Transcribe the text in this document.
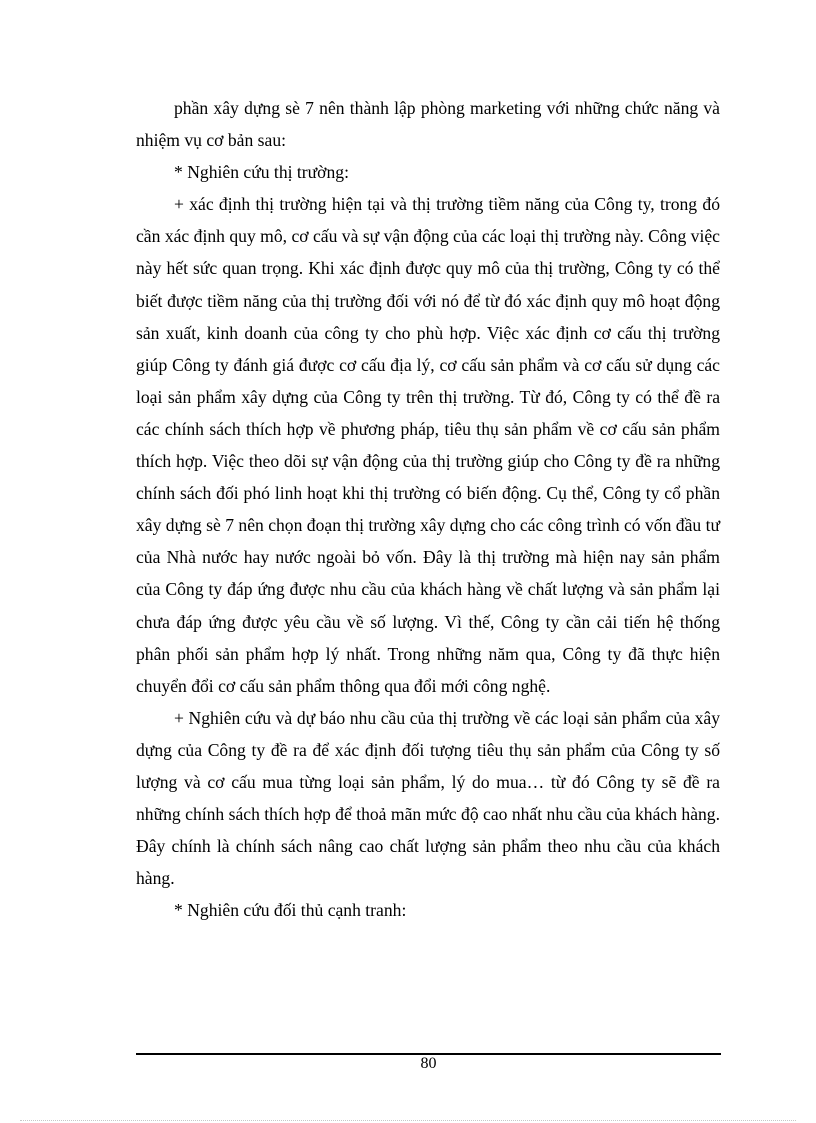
phần xây dựng sè 7 nên thành lập phòng marketing với những chức năng và nhiệm vụ cơ bản sau:

* Nghiên cứu thị trường:

+ xác định thị trường hiện tại và thị trường tiềm năng của Công ty, trong đó cần xác định quy mô, cơ cấu và sự vận động của các loại thị trường này. Công việc này hết sức quan trọng. Khi xác định được quy mô của thị trường, Công ty có thể biết được tiềm năng của thị trường đối với nó để từ đó xác định quy mô hoạt động sản xuất, kinh doanh của công ty cho phù hợp. Việc xác định cơ cấu thị trường giúp Công ty đánh giá được cơ cấu địa lý, cơ cấu sản phẩm và cơ cấu sử dụng các loại sản phẩm xây dựng của Công ty trên thị trường. Từ đó, Công ty có thể đề ra các chính sách thích hợp về phương pháp, tiêu thụ sản phẩm về cơ cấu sản phẩm thích hợp. Việc theo dõi sự vận động của thị trường giúp cho Công ty đề ra những chính sách đối phó linh hoạt khi thị trường có biến động. Cụ thể, Công ty cổ phần xây dựng sè 7 nên chọn đoạn thị trường xây dựng cho các công trình có vốn đầu tư của Nhà nước hay nước ngoài bỏ vốn. Đây là thị trường mà hiện nay sản phẩm của Công ty đáp ứng được nhu cầu của khách hàng về chất lượng và sản phẩm lại chưa đáp ứng được yêu cầu về số lượng. Vì thế, Công ty cần cải tiến hệ thống phân phối sản phẩm hợp lý nhất. Trong những năm qua, Công ty đã thực hiện chuyển đổi cơ cấu sản phẩm thông qua đổi mới công nghệ.

+ Nghiên cứu và dự báo nhu cầu của thị trường về các loại sản phẩm của xây dựng của Công ty đề ra để xác định đối tượng tiêu thụ sản phẩm của Công ty số lượng và cơ cấu mua từng loại sản phẩm, lý do mua… từ đó Công ty sẽ đề ra những chính sách thích hợp để thoả mãn mức độ cao nhất nhu cầu của khách hàng. Đây chính là chính sách nâng cao chất lượng sản phẩm theo nhu cầu của khách hàng.

* Nghiên cứu đối thủ cạnh tranh:

80
